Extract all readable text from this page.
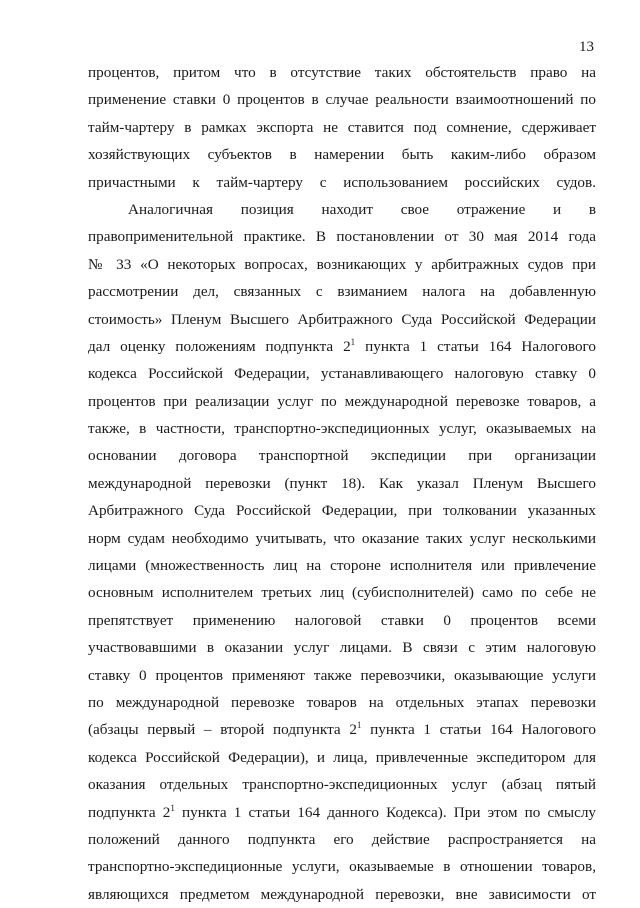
13
процентов, притом что в отсутствие таких обстоятельств право на
применение ставки 0 процентов в случае реальности взаимоотношений по
тайм-чартеру в рамках экспорта не ставится под сомнение, сдерживает
хозяйствующих субъектов в намерении быть каким-либо образом
причастными к тайм-чартеру с использованием российских судов.
Аналогичная позиция находит свое отражение и в
правоприменительной практике. В постановлении от 30 мая 2014 года
№ 33 «О некоторых вопросах, возникающих у арбитражных судов при
рассмотрении дел, связанных с взиманием налога на добавленную
стоимость» Пленум Высшего Арбитражного Суда Российской Федерации
дал оценку положениям подпункта $2^1$ пункта 1 статьи 164 Налогового
кодекса Российской Федерации, устанавливающего налоговую ставку 0
процентов при реализации услуг по международной перевозке товаров, а
также, в частности, транспортно-экспедиционных услуг, оказываемых на
основании договора транспортной экспедиции при организации
международной перевозки (пункт 18). Как указал Пленум Высшего
Арбитражного Суда Российской Федерации, при толковании указанных
норм судам необходимо учитывать, что оказание таких услуг несколькими
лицами (множественность лиц на стороне исполнителя или привлечение
основным исполнителем третьих лиц (субисполнителей) само по себе не
препятствует применению налоговой ставки 0 процентов всеми
участвовавшими в оказании услуг лицами. В связи с этим налоговую
ставку 0 процентов применяют также перевозчики, оказывающие услуги
по международной перевозке товаров на отдельных этапах перевозки
(абзацы первый – второй подпункта $2^1$ пункта 1 статьи 164 Налогового
кодекса Российской Федерации), и лица, привлеченные экспедитором для
оказания отдельных транспортно-экспедиционных услуг (абзац пятый
подпункта $2^1$ пункта 1 статьи 164 данного Кодекса). При этом по смыслу
положений данного подпункта его действие распространяется на
транспортно-экспедиционные услуги, оказываемые в отношении товаров,
являющихся предметом международной перевозки, вне зависимости от
